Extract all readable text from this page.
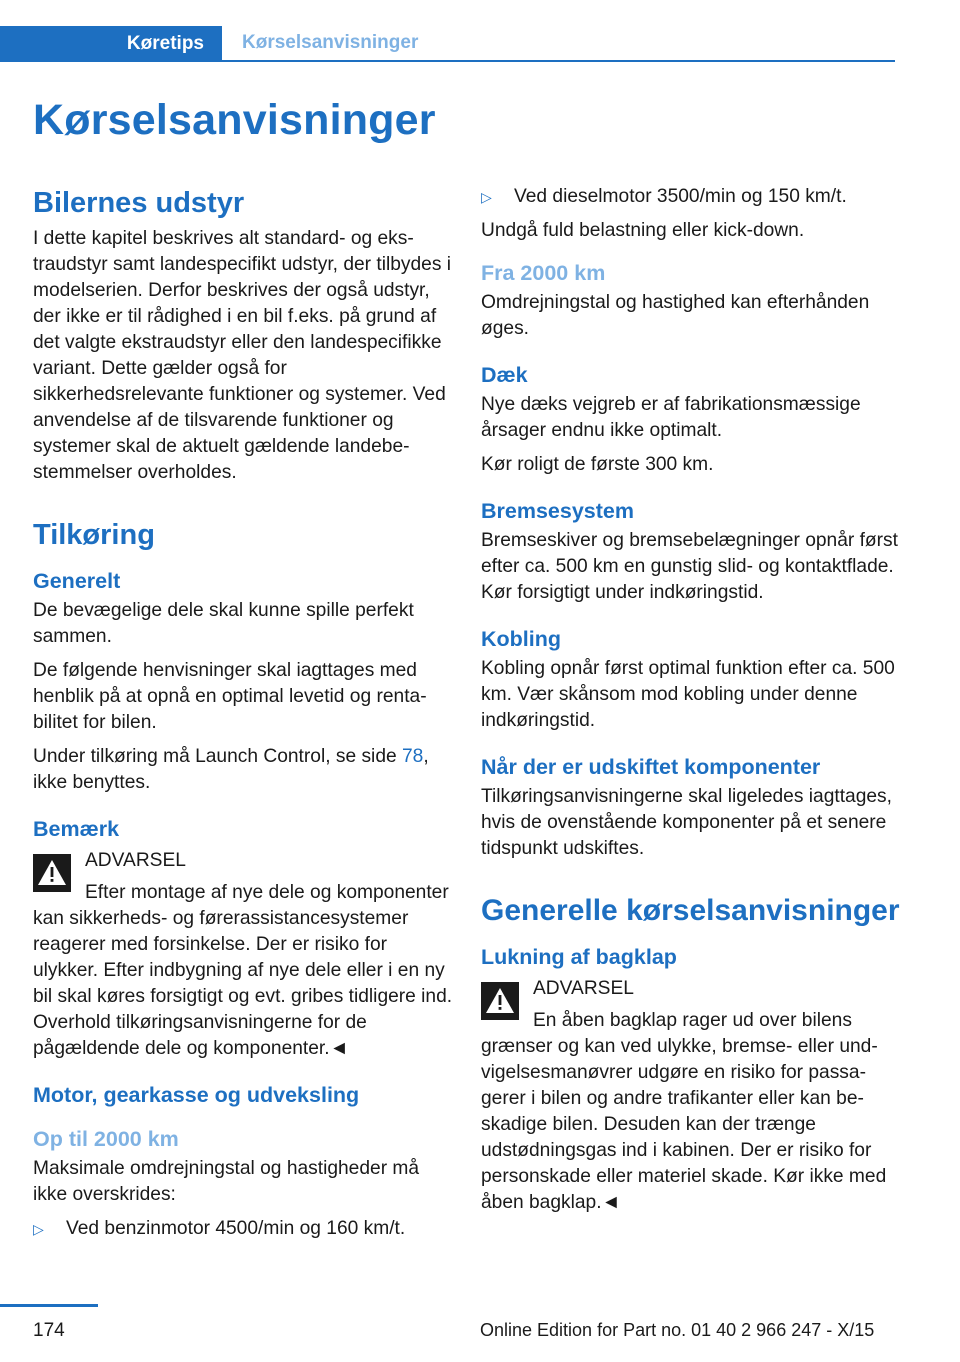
Køretips Kørselsanvisninger
Kørselsanvisninger
Bilernes udstyr

I dette kapitel beskrives alt standard- og ekstraudstyr samt landespecifikt udstyr, der tilbydes i modelserien. Derfor beskrives der også udstyr, der ikke er til rådighed i en bil f.eks. på grund af det valgte ekstraudstyr eller den landespecifikke variant. Dette gælder også for sikkerhedsrelevante funktioner og systemer. Ved anvendelse af de tilsvarende funktioner og systemer skal de aktuelt gældende landebestemmelser overholdes.

Tilkøring
Generelt

De bevægelige dele skal kunne spille perfekt sammen.

De følgende henvisninger skal iagttages med henblik på at opnå en optimal levetid og rentabilitet for bilen.

Under tilkøring må Launch Control, se side 78, ikke benyttes.

Bemærk

ADVARSEL

Efter montage af nye dele og komponenter kan sikkerheds- og førerassistancesystemer reagerer med forsinkelse. Der er risiko for ulykker. Efter indbygning af nye dele eller i en ny bil skal køres forsigtigt og evt. gribes tidligere ind. Overhold tilkøringsanvisningerne for de pågældende dele og komponenter.◄

Motor, gearkasse og udveksling
Op til 2000 km

Maksimale omdrejningstal og hastigheder må ikke overskrides:

▷	Ved benzinmotor 4500/min og 160 km/t.
▷	Ved dieselmotor 3500/min og 150 km/t.

Undgå fuld belastning eller kick-down.

Fra 2000 km

Omdrejningstal og hastighed kan efterhånden øges.

Dæk

Nye dæks vejgreb er af fabrikationsmæssige årsager endnu ikke optimalt.

Kør roligt de første 300 km.

Bremsesystem

Bremseskiver og bremsebelægninger opnår først efter ca. 500 km en gunstig slid- og kontaktflade. Kør forsigtigt under indkøringstid.

Kobling

Kobling opnår først optimal funktion efter ca. 500 km. Vær skånsom mod kobling under denne indkøringstid.

Når der er udskiftet komponenter

Tilkøringsanvisningerne skal ligeledes iagttages, hvis de ovenstående komponenter på et senere tidspunkt udskiftes.

Generelle kørselsanvisninger
Lukning af bagklap

ADVARSEL

En åben bagklap rager ud over bilens grænser og kan ved ulykke, bremse- eller undvigelsesmanøvrer udgøre en risiko for passagerer i bilen og andre trafikanter eller kan beskadige bilen. Desuden kan der trænge udstødningsgas ind i kabinen. Der er risiko for personskade eller materiel skade. Kør ikke med åben bagklap.◄

174	Online Edition for Part no. 01 40 2 966 247 - X/15
